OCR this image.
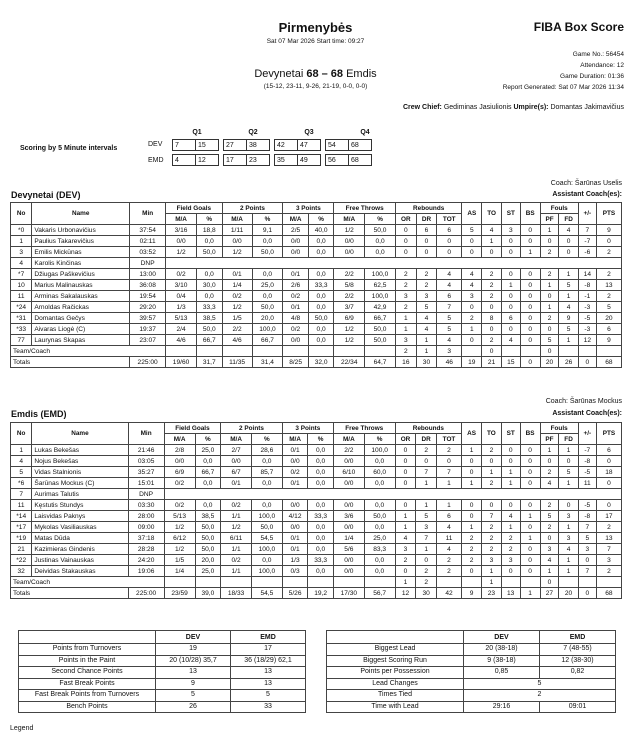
Pirmenybės
Sat 07 Mar 2026 Start time: 09:27
FIBA Box Score
Game No.: 56454
Attendance: 12
Game Duration: 01:36
Report Generated: Sat 07 Mar 2026 11:34
Devynetai 68 – 68 Emdis
(15-12, 23-11, 9-26, 21-19, 0-0, 0-0)
Crew Chief: Gediminas Jasiulionis Umpire(s): Domantas Jakimavičius
Scoring by 5 Minute intervals
DEV
EMD
Q1	Q2	Q3	Q4
7	15		27	38		42	47		54	68

4	12		17	23		35	49		56	68
Coach: Šarūnas Uselis
Devynetai (DEV)	Assistant Coach(es):
No	Name	Min	Field Goals		2 Points		3 Points		Free Throws		Rebounds			AS	TO	ST	BS	Fouls		+/-	PTS
			M/A	%	M/A	%	M/A	%	M/A	%	OR	DR	TOT					PF	FD		
*0	Vakaris Urbonavičius	37:54	3/16	18,8	1/11	9,1	2/5	40,0	1/2	50,0	0	6	6	5	4	3	0	1	4	7	9
1	Paulius Takarevičius	02:11	0/0	0,0	0/0	0,0	0/0	0,0	0/0	0,0	0	0	0	0	1	0	0	0	0	-7	0
3	Emilis Mickūnas	03:52	1/2	50,0	1/2	50,0	0/0	0,0	0/0	0,0	0	0	0	0	0	0	1	2	0	-6	2
4	Karolis Kinčinas	DNP																			
*7	Džiugas Paškevičius	13:00	0/2	0,0	0/1	0,0	0/1	0,0	2/2	100,0	2	2	4	4	2	0	0	2	1	14	2
10	Marius Malinauskas	36:08	3/10	30,0	1/4	25,0	2/6	33,3	5/8	62,5	2	2	4	4	2	1	0	1	5	-8	13
11	Arminas Sakalauskas	19:54	0/4	0,0	0/2	0,0	0/2	0,0	2/2	100,0	3	3	6	3	2	0	0	0	1	-1	2
*24	Arnoldas Račickas	29:20	1/3	33,3	1/2	50,0	0/1	0,0	3/7	42,9	2	5	7	0	0	0	0	1	4	-3	5
*31	Domantas Gečys	39:57	5/13	38,5	1/5	20,0	4/8	50,0	6/9	66,7	1	4	5	2	8	6	0	2	9	-5	20
*33	Aivaras Liogė (C)	19:37	2/4	50,0	2/2	100,0	0/2	0,0	1/2	50,0	1	4	5	1	0	0	0	0	5	-3	6
77	Laurynas Skapas	23:07	4/6	66,7	4/6	66,7	0/0	0,0	1/2	50,0	3	1	4	0	2	4	0	5	1	12	9
Team/Coach											2	1	3		0			0			
Totals		225:00	19/60	31,7	11/35	31,4	8/25	32,0	22/34	64,7	16	30	46	19	21	15	0	20	26	0	68
Coach: Šarūnas Mockus
Emdis (EMD)	Assistant Coach(es):
No	Name	Min	Field Goals		2 Points		3 Points		Free Throws		Rebounds			AS	TO	ST	BS	Fouls		+/-	PTS
			M/A	%	M/A	%	M/A	%	M/A	%	OR	DR	TOT					PF	FD		
1	Lukas Bekešas	21:46	2/8	25,0	2/7	28,6	0/1	0,0	2/2	100,0	0	2	2	1	2	0	0	1	1	-7	6
4	Nojus Bekešas	03:05	0/0	0,0	0/0	0,0	0/0	0,0	0/0	0,0	0	0	0	0	0	0	0	0	0	-8	0
5	Vidas Stalnionis	35:27	6/9	66,7	6/7	85,7	0/2	0,0	6/10	60,0	0	7	7	0	1	1	0	2	5	-5	18
*6	Šarūnas Mockus (C)	15:01	0/2	0,0	0/1	0,0	0/1	0,0	0/0	0,0	0	1	1	1	2	1	0	4	1	11	0
7	Aurimas Talutis	DNP																			
11	Kęstutis Stundys	03:30	0/2	0,0	0/2	0,0	0/0	0,0	0/0	0,0	0	1	1	0	0	0	0	2	0	-5	0
*14	Laisvidas Paknys	28:00	5/13	38,5	1/1	100,0	4/12	33,3	3/6	50,0	1	5	6	0	7	4	1	5	3	-8	17
*17	Mykolas Vasiliauskas	09:00	1/2	50,0	1/2	50,0	0/0	0,0	0/0	0,0	1	3	4	1	2	1	0	2	1	7	2
*19	Matas Dūda	37:18	6/12	50,0	6/11	54,5	0/1	0,0	1/4	25,0	4	7	11	2	2	2	1	0	3	5	13
21	Kazimieras Gindenis	28:28	1/2	50,0	1/1	100,0	0/1	0,0	5/6	83,3	3	1	4	2	2	2	0	3	4	3	7
*22	Justinas Vainauskas	24:20	1/5	20,0	0/2	0,0	1/3	33,3	0/0	0,0	2	0	2	2	3	3	0	4	1	0	3
32	Deividas Stakauskas	19:06	1/4	25,0	1/1	100,0	0/3	0,0	0/0	0,0	0	2	2	0	1	0	0	1	1	7	2
Team/Coach											1	2			1			0			
Totals		225:00	23/59	39,0	18/33	54,5	5/26	19,2	17/30	56,7	12	30	42	9	23	13	1	27	20	0	68
	DEV	EMD
Points from Turnovers	19	17
Points in the Paint	20 (10/28) 35,7	36 (18/29) 62,1
Second Chance Points	13	13
Fast Break Points	9	13
Fast Break Points from Turnovers	5	5
Bench Points	26	33
	DEV	EMD
Biggest Lead	20 (38-18)	7 (48-55)
Biggest Scoring Run	9 (38-18)	12 (38-30)
Points per Possession	0,85	0,82
Lead Changes	5	
Times Tied	2	
Time with Lead	29:16	09:01
Legend
